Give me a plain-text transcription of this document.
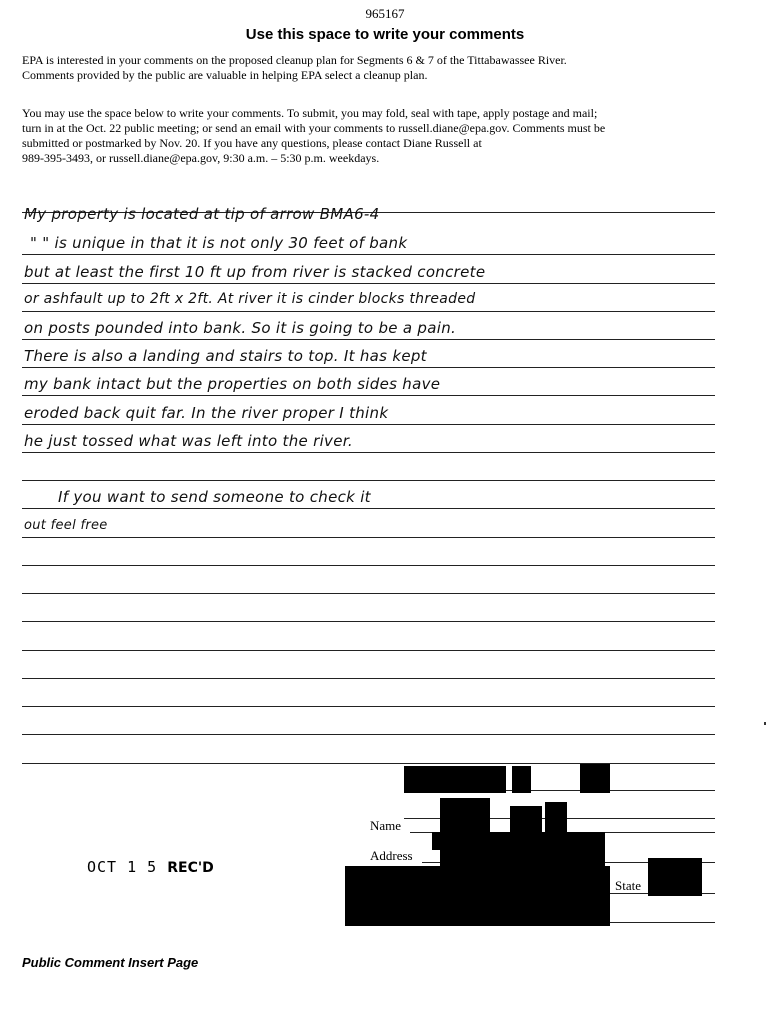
965167
Use this space to write your comments
EPA is interested in your comments on the proposed cleanup plan for Segments 6 & 7 of the Tittabawassee River.
Comments provided by the public are valuable in helping EPA select a cleanup plan.
You may use the space below to write your comments. To submit, you may fold, seal with tape, apply postage and mail;
turn in at the Oct. 22 public meeting; or send an email with your comments to russell.diane@epa.gov. Comments must be
submitted or postmarked by Nov. 20. If you have any questions, please contact Diane Russell at
989-395-3493, or russell.diane@epa.gov, 9:30 a.m. – 5:30 p.m. weekdays.
My property is located at tip of arrow BMA6-4
" " is unique in that it is not only 30 feet of bank
but at least the first 10 ft up from river is stacked concrete
or ashfault up to 2ft x 2ft. At river it is cinder blocks threaded
on posts pounded into bank. So it is going to be a pain.
There is also a landing and stairs to top. It has kept
my bank intact but the properties on both sides have
eroded back quit far. In the river proper I think
he just tossed what was left into the river.
If you want to send someone to check it
out feel free
Name
Address
State
OCT 1 5 REC'D
Public Comment Insert Page
